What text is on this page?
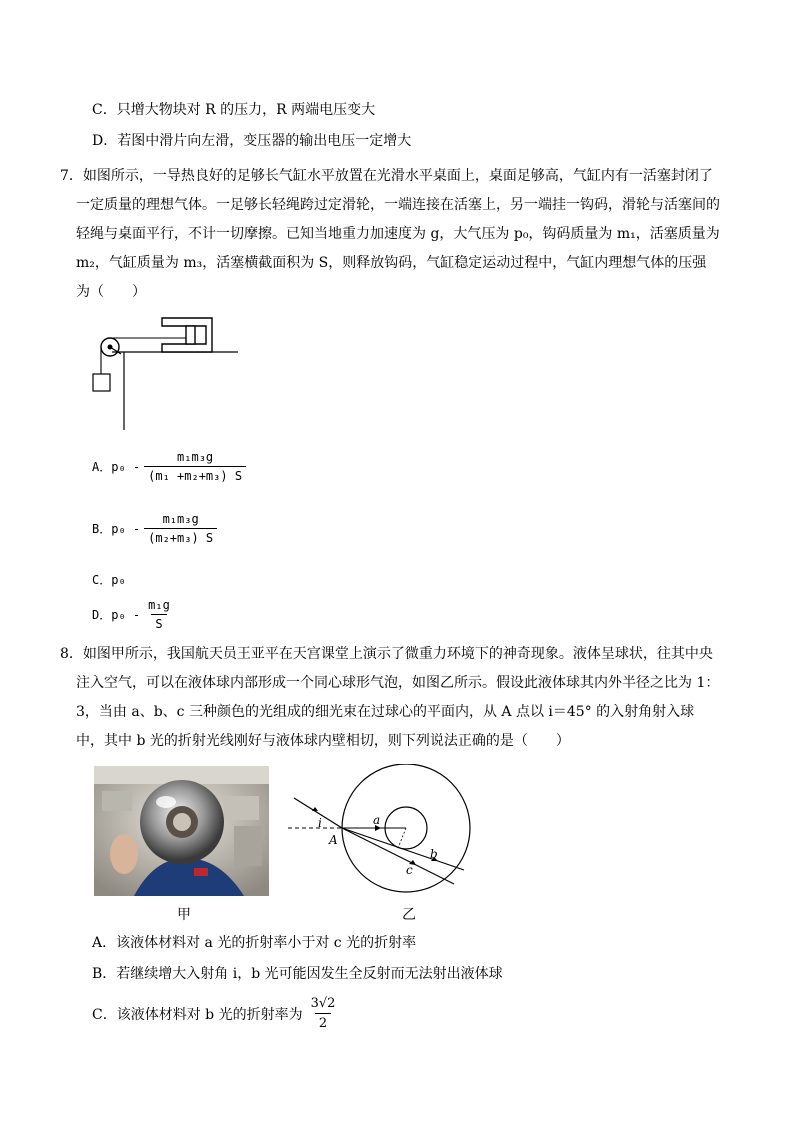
C．只增大物块对 R 的压力，R 两端电压变大
D．若图中滑片向左滑，变压器的输出电压一定增大
7．如图所示，一导热良好的足够长气缸水平放置在光滑水平桌面上，桌面足够高，气缸内有一活塞封闭了一定质量的理想气体。一足够长轻绳跨过定滑轮，一端连接在活塞上，另一端挂一钩码，滑轮与活塞间的轻绳与桌面平行，不计一切摩擦。已知当地重力加速度为 g，大气压为 p₀，钩码质量为 m₁，活塞质量为 m₂，气缸质量为 m₃，活塞横截面积为 S，则释放钩码，气缸稳定运动过程中，气缸内理想气体的压强为（　　）
A．$p_0 - \frac{\text{m₁m₃g}}{\text{(m₁ +m₂+m₃) S}}$
B．$p_0 - \frac{\text{m₁m₃g}}{\text{(m₂+m₃) S}}$
C．p₀
D．$p_0 - \frac{\text{m₁g}}{S}$
8．如图甲所示，我国航天员王亚平在天宫课堂上演示了微重力环境下的神奇现象。液体呈球状，往其中央注入空气，可以在液体球内部形成一个同心球形气泡，如图乙所示。假设此液体球其内外半径之比为 1：3，当由 a、b、c 三种颜色的光组成的细光束在过球心的平面内，从 A 点以 i＝45° 的入射角射入球中，其中 b 光的折射光线刚好与液体球内壁相切，则下列说法正确的是（　　）
甲
i
A
a
b
c
乙
A．该液体材料对 a 光的折射率小于对 c 光的折射率
B．若继续增大入射角 i，b 光可能因发生全反射而无法射出液体球
C．该液体材料对 b 光的折射率为 $\frac{3√2}{2}$
